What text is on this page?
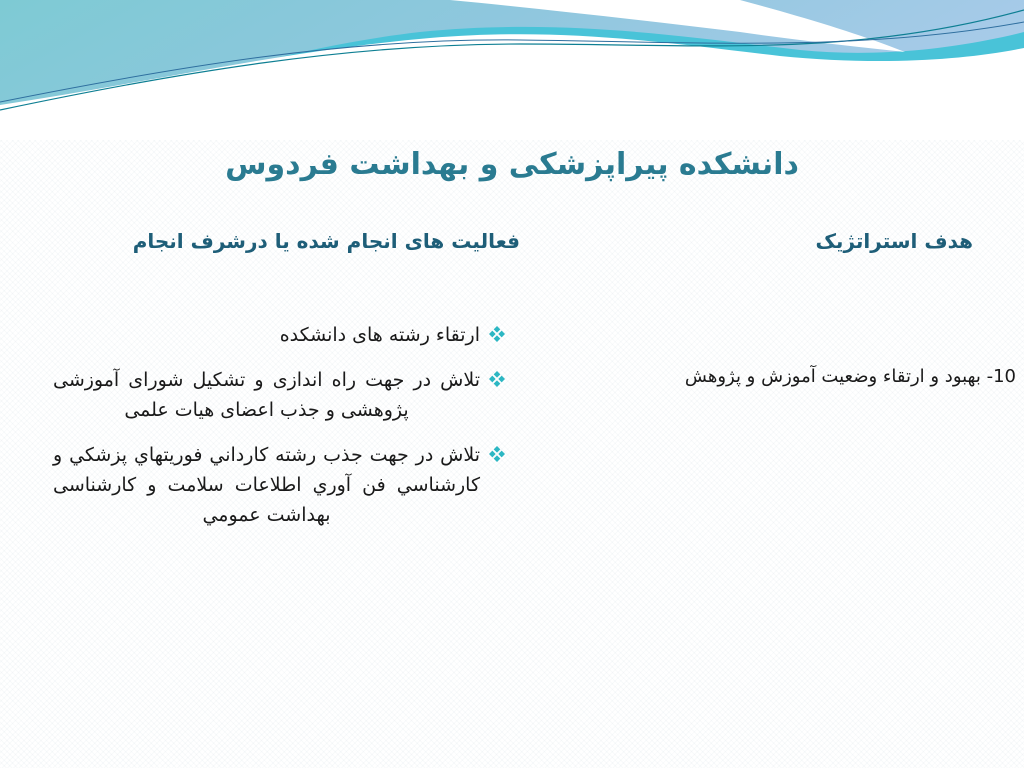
دانشکده پیراپزشکی و بهداشت فردوس
هدف استراتژیک
فعالیت های انجام شده یا درشرف انجام
10- بهبود و ارتقاء وضعیت آموزش و پژوهش
ارتقاء رشته های دانشکده
تلاش در جهت راه اندازی و تشکیل شورای آموزشی پژوهشی و جذب اعضای هیات علمی
تلاش در جهت جذب رشته كارداني فوريتهاي پزشكي و كارشناسي فن آوري اطلاعات سلامت و كارشناسی بهداشت عمومي
